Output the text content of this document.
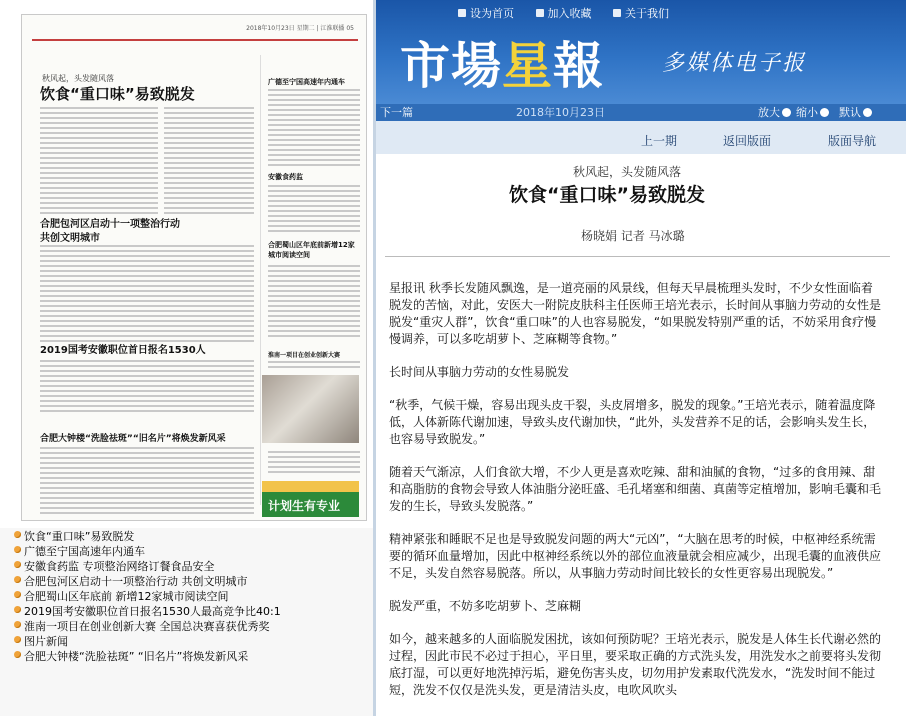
2018年10月23日 星期二 | 江淮联播 05
秋风起，头发随风落
饮食“重口味”易致脱发
广德至宁国高速年内通车
安徽食药监
合肥蜀山区年底前新增12家城市阅读空间
淮南一项目在创业创新大赛
合肥包河区启动十一项整治行动
共创文明城市
2019国考安徽职位首日报名1530人
合肥大钟楼“洗脸祛斑”“旧名片”将焕发新风采
计划生有专业
饮食“重口味”易致脱发
广德至宁国高速年内通车
安徽食药监 专项整治网络订餐食品安全
合肥包河区启动十一项整治行动 共创文明城市
合肥蜀山区年底前 新增12家城市阅读空间
2019国考安徽职位首日报名1530人最高竞争比40:1
淮南一项目在创业创新大赛 全国总决赛喜获优秀奖
图片新闻
合肥大钟楼“洗脸祛斑” “旧名片”将焕发新风采
设为首页	加入收藏	关于我们
市場星報	多媒体电子报
下一篇	2018年10月23日	放大	缩小	默认
上一期	返回版面	版面导航
秋风起，头发随风落
饮食“重口味”易致脱发
杨晓娟 记者 马冰璐

星报讯 秋季长发随风飘逸，是一道亮丽的风景线，但每天早晨梳理头发时，不少女性面临着脱发的苦恼，对此，安医大一附院皮肤科主任医师王培光表示，长时间从事脑力劳动的女性是脱发“重灾人群”，饮食“重口味”的人也容易脱发，“如果脱发特别严重的话，不妨采用食疗慢慢调养，可以多吃胡萝卜、芝麻糊等食物。”

长时间从事脑力劳动的女性易脱发

“秋季，气候干燥，容易出现头皮干裂，头皮屑增多，脱发的现象。”王培光表示，随着温度降低，人体新陈代谢加速，导致头皮代谢加快，“此外，头发营养不足的话，会影响头发生长，也容易导致脱发。”

随着天气渐凉，人们食欲大增，不少人更是喜欢吃辣、甜和油腻的食物，“过多的食用辣、甜和高脂肪的食物会导致人体油脂分泌旺盛、毛孔堵塞和细菌、真菌等定植增加，影响毛囊和毛发的生长，导致头发脱落。”

精神紧张和睡眠不足也是导致脱发问题的两大“元凶”，“大脑在思考的时候，中枢神经系统需要的循环血量增加，因此中枢神经系统以外的部位血液量就会相应减少，出现毛囊的血液供应不足，头发自然容易脱落。所以，从事脑力劳动时间比较长的女性更容易出现脱发。”

脱发严重，不妨多吃胡萝卜、芝麻糊

如今，越来越多的人面临脱发困扰，该如何预防呢？王培光表示，脱发是人体生长代谢必然的过程，因此市民不必过于担心，平日里，要采取正确的方式洗头发，用洗发水之前要将头发彻底打湿，可以更好地洗掉污垢，避免伤害头皮，切勿用护发素取代洗发水，“洗发时间不能过短，洗发不仅仅是洗头发，更是清洁头皮，电吹风吹头
